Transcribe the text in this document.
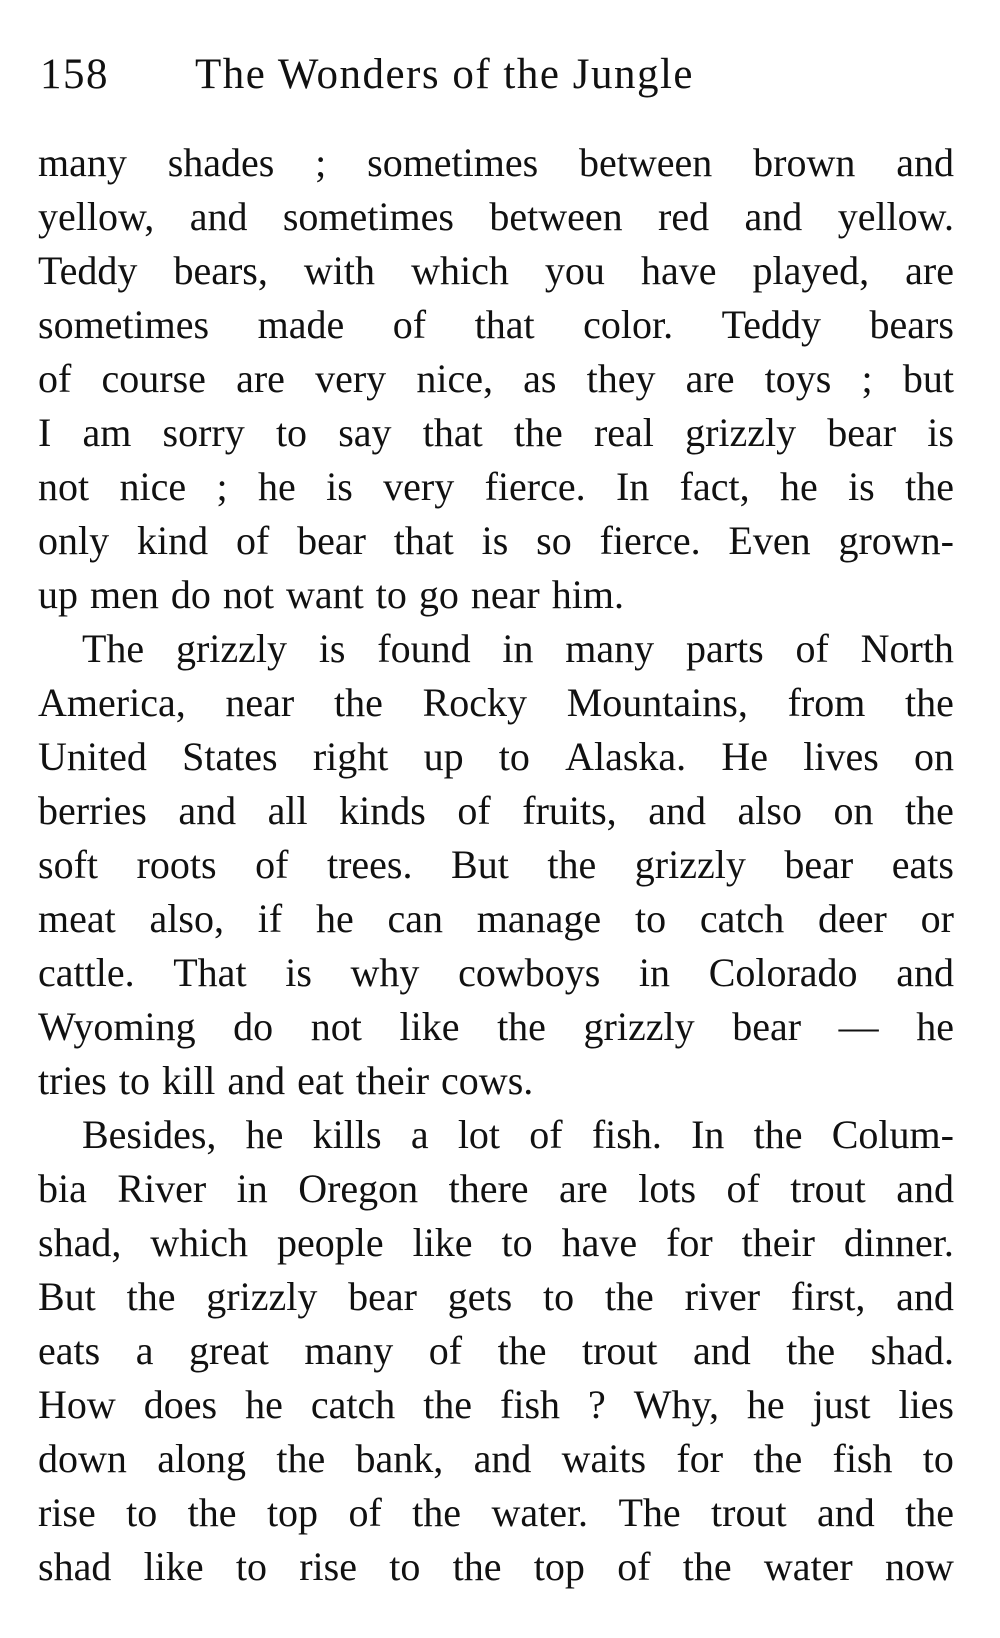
158	The Wonders of the Jungle
many shades ; sometimes between brown and
yellow, and sometimes between red and yellow.
Teddy bears, with which you have played, are
sometimes made of that color. Teddy bears
of course are very nice, as they are toys ; but
I am sorry to say that the real grizzly bear is
not nice ; he is very fierce. In fact, he is the
only kind of bear that is so fierce. Even grown-
up men do not want to go near him.
The grizzly is found in many parts of North
America, near the Rocky Mountains, from the
United States right up to Alaska. He lives on
berries and all kinds of fruits, and also on the
soft roots of trees. But the grizzly bear eats
meat also, if he can manage to catch deer or
cattle. That is why cowboys in Colorado and
Wyoming do not like the grizzly bear — he
tries to kill and eat their cows.
Besides, he kills a lot of fish. In the Colum-
bia River in Oregon there are lots of trout and
shad, which people like to have for their dinner.
But the grizzly bear gets to the river first, and
eats a great many of the trout and the shad.
How does he catch the fish ? Why, he just lies
down along the bank, and waits for the fish to
rise to the top of the water. The trout and the
shad like to rise to the top of the water now
